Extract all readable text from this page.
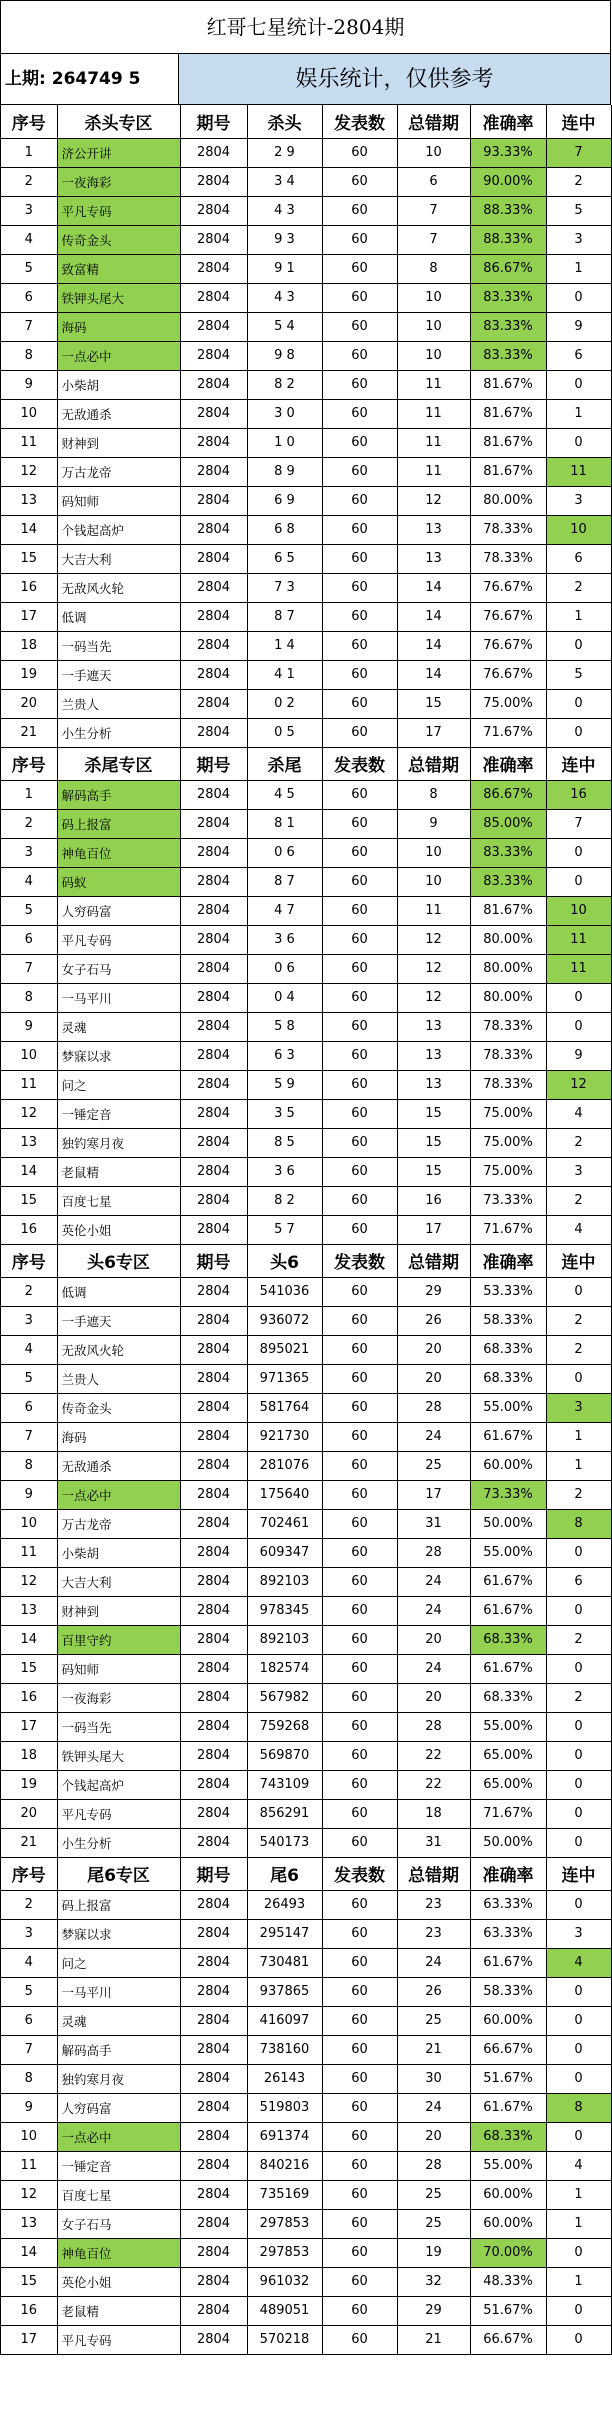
红哥七星统计-2804期
上期: 264749 5	娱乐统计，仅供参考
序号	杀头专区	期号	杀头	发表数	总错期	准确率	连中
1	济公开讲	2804	2 9	60	10	93.33%	7
2	一夜海彩	2804	3 4	60	6	90.00%	2
3	平凡专码	2804	4 3	60	7	88.33%	5
4	传奇金头	2804	9 3	60	7	88.33%	3
5	致富精	2804	9 1	60	8	86.67%	1
6	铁钾头尾大	2804	4 3	60	10	83.33%	0
7	海码	2804	5 4	60	10	83.33%	9
8	一点必中	2804	9 8	60	10	83.33%	6
9	小柴胡	2804	8 2	60	11	81.67%	0
10	无敌通杀	2804	3 0	60	11	81.67%	1
11	财神到	2804	1 0	60	11	81.67%	0
12	万古龙帝	2804	8 9	60	11	81.67%	11
13	码知师	2804	6 9	60	12	80.00%	3
14	个钱起高炉	2804	6 8	60	13	78.33%	10
15	大吉大利	2804	6 5	60	13	78.33%	6
16	无敌风火轮	2804	7 3	60	14	76.67%	2
17	低调	2804	8 7	60	14	76.67%	1
18	一码当先	2804	1 4	60	14	76.67%	0
19	一手遮天	2804	4 1	60	14	76.67%	5
20	兰贵人	2804	0 2	60	15	75.00%	0
21	小生分析	2804	0 5	60	17	71.67%	0
序号	杀尾专区	期号	杀尾	发表数	总错期	准确率	连中
1	解码高手	2804	4 5	60	8	86.67%	16
2	码上报富	2804	8 1	60	9	85.00%	7
3	神龟百位	2804	0 6	60	10	83.33%	0
4	码蚁	2804	8 7	60	10	83.33%	0
5	人穷码富	2804	4 7	60	11	81.67%	10
6	平凡专码	2804	3 6	60	12	80.00%	11
7	女子石马	2804	0 6	60	12	80.00%	11
8	一马平川	2804	0 4	60	12	80.00%	0
9	灵魂	2804	5 8	60	13	78.33%	0
10	梦寐以求	2804	6 3	60	13	78.33%	9
11	问之	2804	5 9	60	13	78.33%	12
12	一锤定音	2804	3 5	60	15	75.00%	4
13	独钓寒月夜	2804	8 5	60	15	75.00%	2
14	老鼠精	2804	3 6	60	15	75.00%	3
15	百度七星	2804	8 2	60	16	73.33%	2
16	英伦小姐	2804	5 7	60	17	71.67%	4
序号	头6专区	期号	头6	发表数	总错期	准确率	连中
2	低调	2804	541036	60	29	53.33%	0
3	一手遮天	2804	936072	60	26	58.33%	2
4	无敌风火轮	2804	895021	60	20	68.33%	2
5	兰贵人	2804	971365	60	20	68.33%	0
6	传奇金头	2804	581764	60	28	55.00%	3
7	海码	2804	921730	60	24	61.67%	1
8	无敌通杀	2804	281076	60	25	60.00%	1
9	一点必中	2804	175640	60	17	73.33%	2
10	万古龙帝	2804	702461	60	31	50.00%	8
11	小柴胡	2804	609347	60	28	55.00%	0
12	大吉大利	2804	892103	60	24	61.67%	6
13	财神到	2804	978345	60	24	61.67%	0
14	百里守约	2804	892103	60	20	68.33%	2
15	码知师	2804	182574	60	24	61.67%	0
16	一夜海彩	2804	567982	60	20	68.33%	2
17	一码当先	2804	759268	60	28	55.00%	0
18	铁钾头尾大	2804	569870	60	22	65.00%	0
19	个钱起高炉	2804	743109	60	22	65.00%	0
20	平凡专码	2804	856291	60	18	71.67%	0
21	小生分析	2804	540173	60	31	50.00%	0
序号	尾6专区	期号	尾6	发表数	总错期	准确率	连中
2	码上报富	2804	26493	60	23	63.33%	0
3	梦寐以求	2804	295147	60	23	63.33%	3
4	问之	2804	730481	60	24	61.67%	4
5	一马平川	2804	937865	60	26	58.33%	0
6	灵魂	2804	416097	60	25	60.00%	0
7	解码高手	2804	738160	60	21	66.67%	0
8	独钓寒月夜	2804	26143	60	30	51.67%	0
9	人穷码富	2804	519803	60	24	61.67%	8
10	一点必中	2804	691374	60	20	68.33%	0
11	一锤定音	2804	840216	60	28	55.00%	4
12	百度七星	2804	735169	60	25	60.00%	1
13	女子石马	2804	297853	60	25	60.00%	1
14	神龟百位	2804	297853	60	19	70.00%	0
15	英伦小姐	2804	961032	60	32	48.33%	1
16	老鼠精	2804	489051	60	29	51.67%	0
17	平凡专码	2804	570218	60	21	66.67%	0
